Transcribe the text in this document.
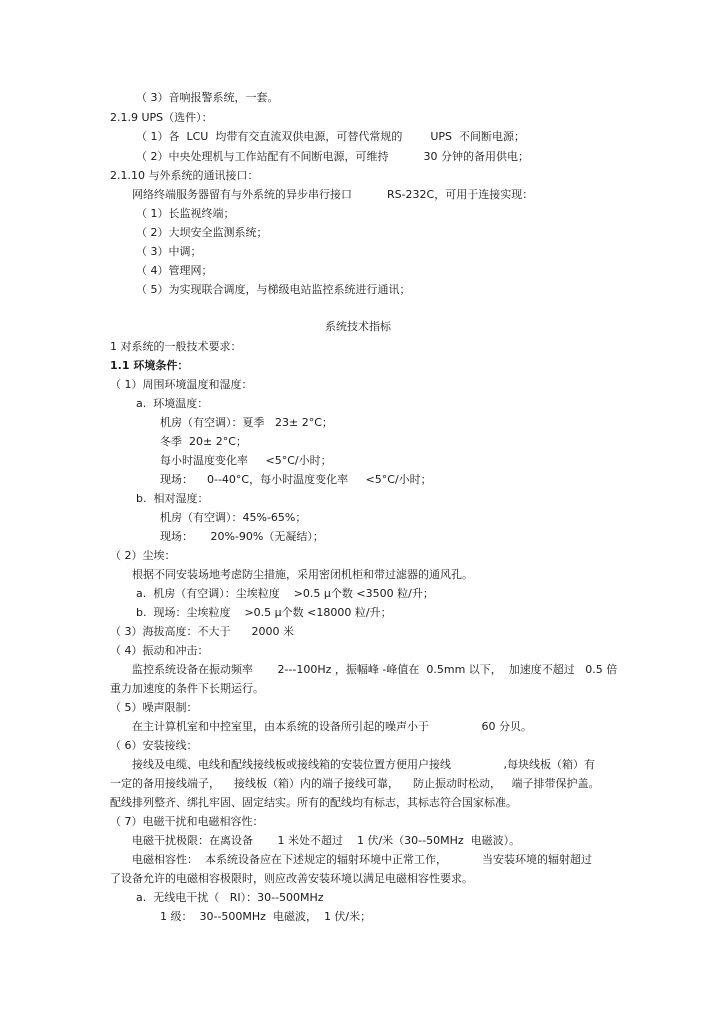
（ 3）音响报警系统，一套。
2.1.9 UPS（选件）：
（ 1）各  LCU  均带有交直流双供电源，可替代常规的        UPS  不间断电源；
（ 2）中央处理机与工作站配有不间断电源，可维持          30 分钟的备用供电；
2.1.10 与外系统的通讯接口：
网络终端服务器留有与外系统的异步串行接口          RS-232C，可用于连接实现：
（ 1）长监视终端；
（ 2）大坝安全监测系统；
（ 3）中调；
（ 4）管理网；
（ 5）为实现联合调度，与梯级电站监控系统进行通讯；
系统技术指标
1 对系统的一般技术要求：
1.1 环境条件：
（ 1）周围环境温度和湿度：
a.  环境温度：
机房（有空调）：夏季   23± 2°C；
冬季  20± 2°C；
每小时温度变化率     <5°C/小时；
现场：    0--40°C，每小时温度变化率     <5°C/小时；
b.  相对湿度：
机房（有空调）：45%-65%；
现场：     20%-90%（无凝结）；
（ 2）尘埃：
根据不同安装场地考虑防尘措施，采用密闭机柜和带过滤器的通风孔。
a.  机房（有空调）：尘埃粒度    >0.5 μ个数 <3500 粒/升；
b.  现场：尘埃粒度    >0.5 μ个数 <18000 粒/升；
（ 3）海拔高度：不大于      2000 米
（ 4）振动和冲击：
监控系统设备在振动频率       2---100Hz ，振幅峰 -峰值在  0.5mm 以下，  加速度不超过   0.5 倍
重力加速度的条件下长期运行。
（ 5）噪声限制：
在主计算机室和中控室里，由本系统的设备所引起的噪声小于               60 分贝。
（ 6）安装接线：
接线及电缆、电线和配线接线板或接线箱的安装位置方便用户接线               ,每块线板（箱）有
一定的备用接线端子，    接线板（箱）内的端子接线可靠，    防止振动时松动，   端子排带保护盖。
配线排列整齐、绑扎牢固、固定结实。所有的配线均有标志，其标志符合国家标准。
（ 7）电磁干扰和电磁相容性：
电磁干扰极限：在离设备       1 米处不超过    1 伏/米（30--50MHz  电磁波）。
电磁相容性：  本系统设备应在下述规定的辐射环境中正常工作，          当安装环境的辐射超过
了设备允许的电磁相容极限时，则应改善安装环境以满足电磁相容性要求。
a.  无线电干扰（   RI）：30--500MHz
1 级：  30--500MHz  电磁波，  1 伏/米；
